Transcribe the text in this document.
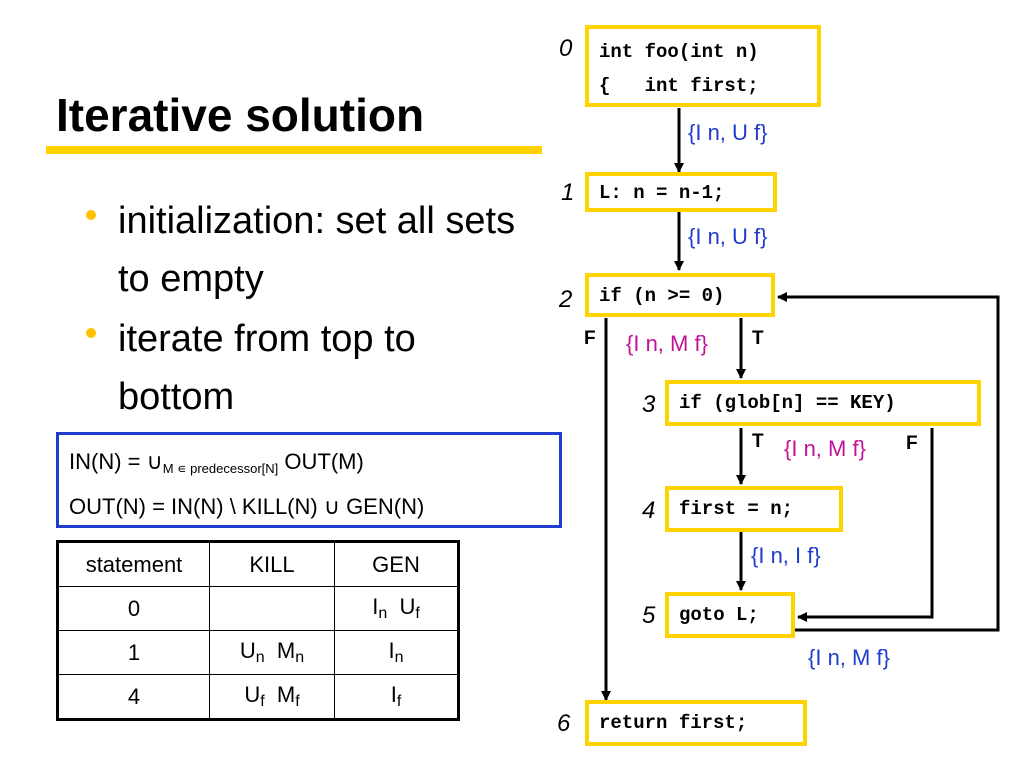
Iterative solution
initialization: set all sets to empty
iterate from top to bottom
$IN(N) = \cup_{M ∊ predecessor[N]}$ OUT(M)
OUT(N) = IN(N) \ KILL(N) ∪ GEN(N)
statement	KILL	GEN
0		$I_n$ $U_f$
1	$U_n$ $M_n$	$I_n$
4	$U_f$ $M_f$	$I_f$
0	int foo(int n)
{   int first;
1	L: n = n-1;
2	if (n >= 0)
3	if (glob[n] == KEY)
4	first = n;
5	goto L;
6	return first;
{I n, U f}
{I n, U f}
{I n, M f}
{I n, M f}
{I n, I f}
{I n, M f}
F	T
T	F
